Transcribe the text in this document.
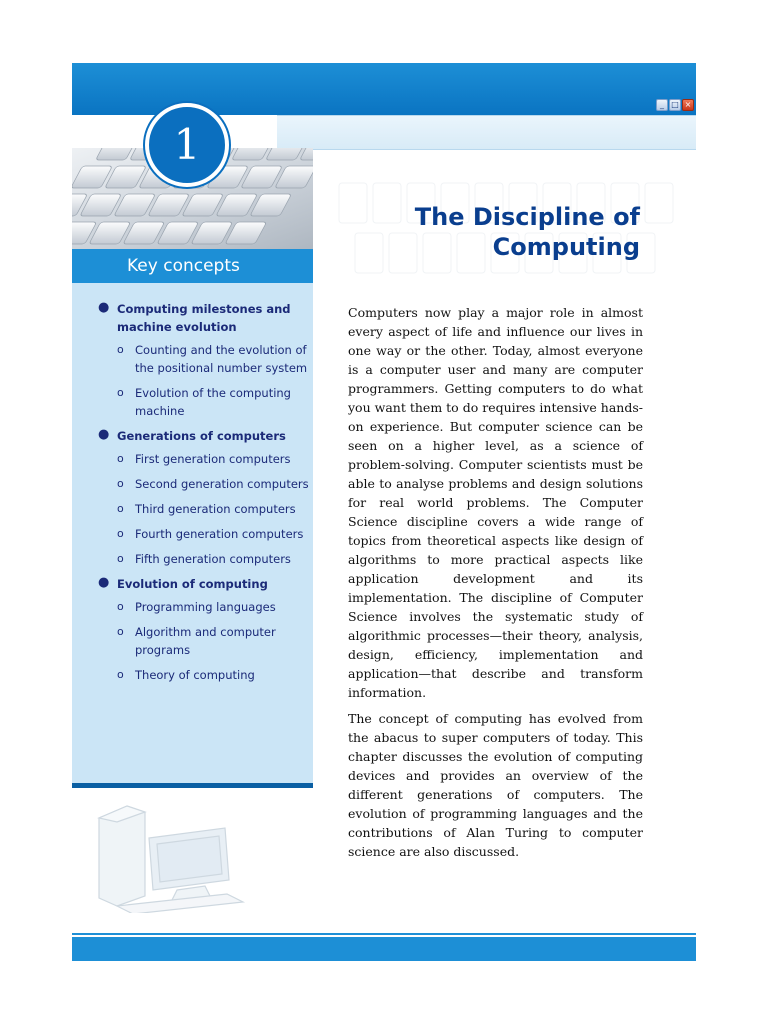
_ □ ×
1
The Discipline of
Computing
Key concepts
● Computing milestones and machine evolution
o Counting and the evolution of the positional number system
o Evolution of the computing machine
● Generations of computers
o First generation computers
o Second generation computers
o Third generation computers
o Fourth generation computers
o Fifth generation computers
● Evolution of computing
o Programming languages
o Algorithm and computer programs
o Theory of computing

Computers now play a major role in almost every aspect of life and influence our lives in one way or the other. Today, almost everyone is a computer user and many are computer programmers. Getting computers to do what you want them to do requires intensive hands-on experience. But computer science can be seen on a higher level, as a science of problem-solving. Computer scientists must be able to analyse problems and design solutions for real world problems. The Computer Science discipline covers a wide range of topics from theoretical aspects like design of algorithms to more practical aspects like application development and its implementation. The discipline of Computer Science involves the systematic study of algorithmic processes—their theory, analysis, design, efficiency, implementation and application—that describe and transform information.

The concept of computing has evolved from the abacus to super computers of today. This chapter discusses the evolution of computing devices and provides an overview of the different generations of computers. The evolution of programming languages and the contributions of Alan Turing to computer science are also discussed.
